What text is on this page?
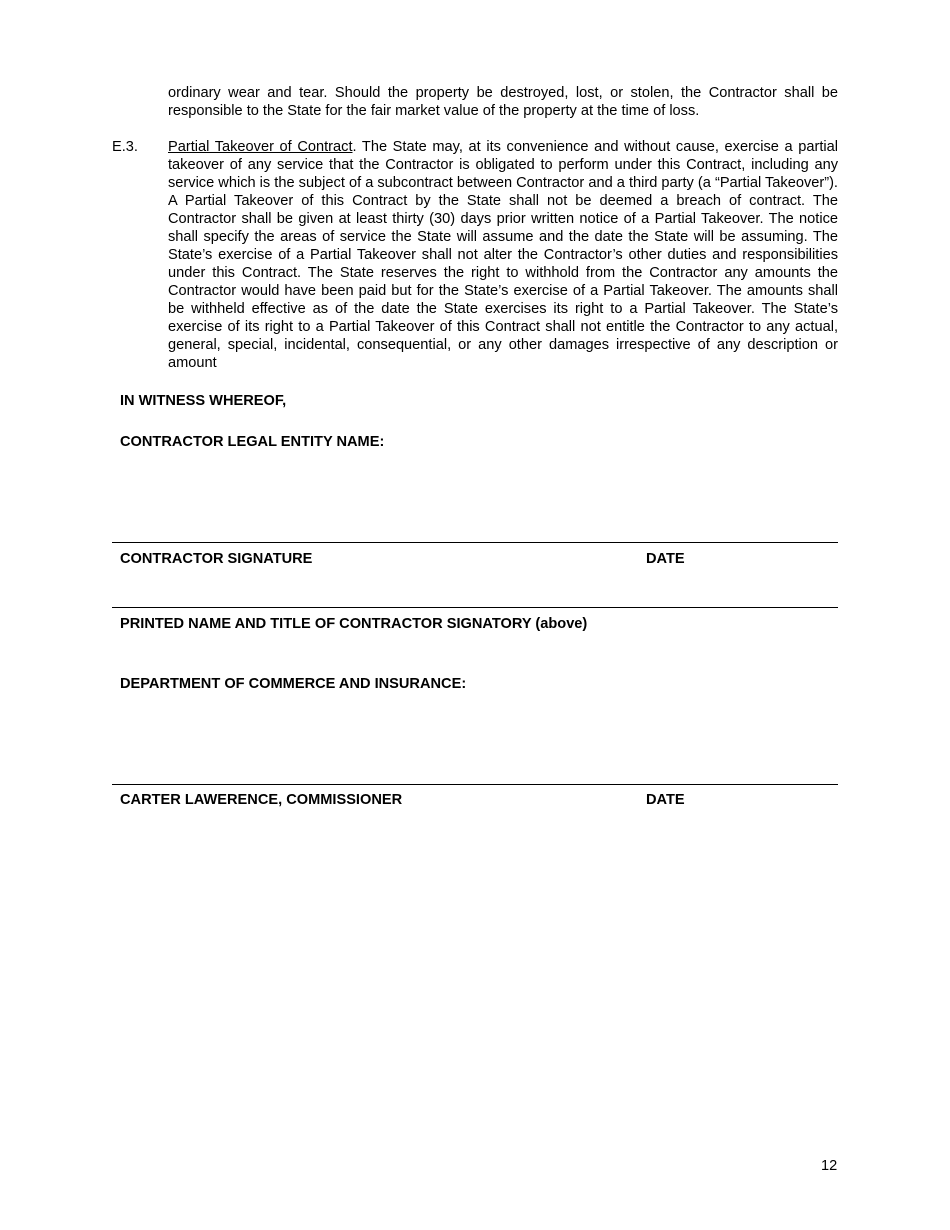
ordinary wear and tear. Should the property be destroyed, lost, or stolen, the Contractor shall be responsible to the State for the fair market value of the property at the time of loss.

E.3. Partial Takeover of Contract. The State may, at its convenience and without cause, exercise a partial takeover of any service that the Contractor is obligated to perform under this Contract, including any service which is the subject of a subcontract between Contractor and a third party (a “Partial Takeover”). A Partial Takeover of this Contract by the State shall not be deemed a breach of contract. The Contractor shall be given at least thirty (30) days prior written notice of a Partial Takeover. The notice shall specify the areas of service the State will assume and the date the State will be assuming. The State’s exercise of a Partial Takeover shall not alter the Contractor’s other duties and responsibilities under this Contract. The State reserves the right to withhold from the Contractor any amounts the Contractor would have been paid but for the State’s exercise of a Partial Takeover. The amounts shall be withheld effective as of the date the State exercises its right to a Partial Takeover. The State’s exercise of its right to a Partial Takeover of this Contract shall not entitle the Contractor to any actual, general, special, incidental, consequential, or any other damages irrespective of any description or amount

IN WITNESS WHEREOF,
CONTRACTOR LEGAL ENTITY NAME:
CONTRACTOR SIGNATURE	DATE
PRINTED NAME AND TITLE OF CONTRACTOR SIGNATORY (above)
DEPARTMENT OF COMMERCE AND INSURANCE:
CARTER LAWERENCE, COMMISSIONER	DATE
12
